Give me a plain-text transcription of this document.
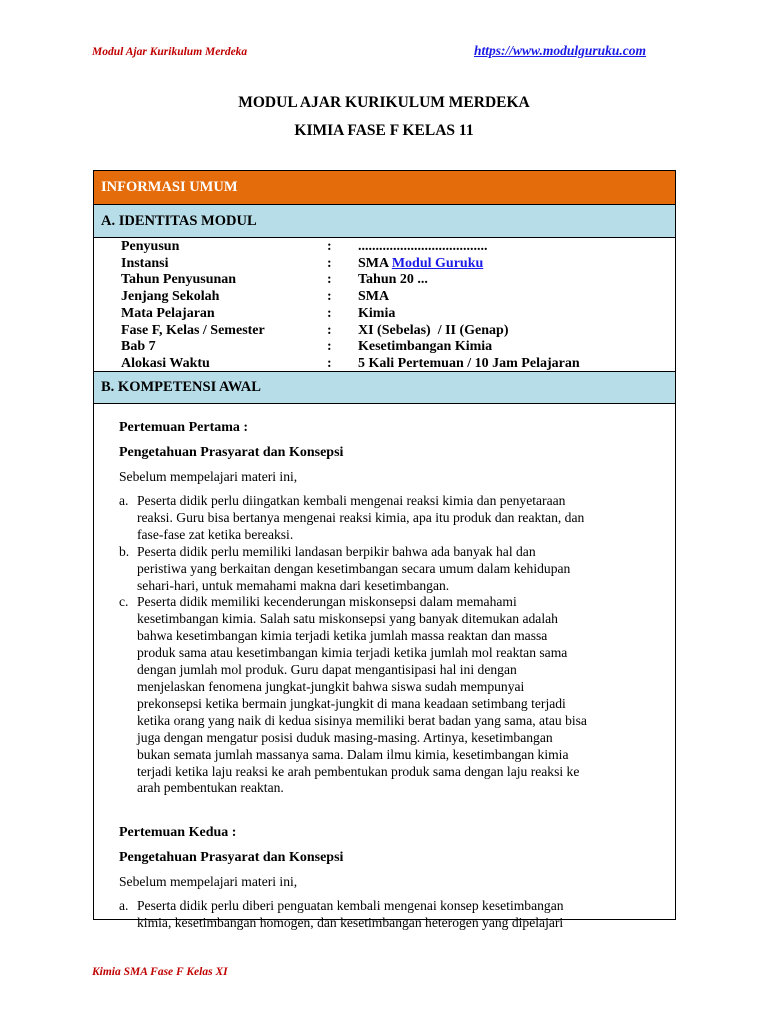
Modul Ajar Kurikulum Merdeka	https://www.modulguruku.com
MODUL AJAR KURIKULUM MERDEKA
KIMIA FASE F KELAS 11
INFORMASI UMUM
A. IDENTITAS MODUL
Penyusun	:	.....................................
Instansi	:	SMA Modul Guruku
Tahun Penyusunan	:	Tahun 20 ...
Jenjang Sekolah	:	SMA
Mata Pelajaran	:	Kimia
Fase F, Kelas / Semester	:	XI (Sebelas)  / II (Genap)
Bab 7	:	Kesetimbangan Kimia
Alokasi Waktu	:	5 Kali Pertemuan / 10 Jam Pelajaran
B. KOMPETENSI AWAL

Pertemuan Pertama :

Pengetahuan Prasyarat dan Konsepsi

Sebelum mempelajari materi ini,

a. Peserta didik perlu diingatkan kembali mengenai reaksi kimia dan penyetaraan
reaksi. Guru bisa bertanya mengenai reaksi kimia, apa itu produk dan reaktan, dan
fase-fase zat ketika bereaksi.
b. Peserta didik perlu memiliki landasan berpikir bahwa ada banyak hal dan
peristiwa yang berkaitan dengan kesetimbangan secara umum dalam kehidupan
sehari-hari, untuk memahami makna dari kesetimbangan.
c. Peserta didik memiliki kecenderungan miskonsepsi dalam memahami
kesetimbangan kimia. Salah satu miskonsepsi yang banyak ditemukan adalah
bahwa kesetimbangan kimia terjadi ketika jumlah massa reaktan dan massa
produk sama atau kesetimbangan kimia terjadi ketika jumlah mol reaktan sama
dengan jumlah mol produk. Guru dapat mengantisipasi hal ini dengan
menjelaskan fenomena jungkat-jungkit bahwa siswa sudah mempunyai
prekonsepsi ketika bermain jungkat-jungkit di mana keadaan setimbang terjadi
ketika orang yang naik di kedua sisinya memiliki berat badan yang sama, atau bisa
juga dengan mengatur posisi duduk masing-masing. Artinya, kesetimbangan
bukan semata jumlah massanya sama. Dalam ilmu kimia, kesetimbangan kimia
terjadi ketika laju reaksi ke arah pembentukan produk sama dengan laju reaksi ke
arah pembentukan reaktan.

Pertemuan Kedua :

Pengetahuan Prasyarat dan Konsepsi

Sebelum mempelajari materi ini,

a. Peserta didik perlu diberi penguatan kembali mengenai konsep kesetimbangan
kimia, kesetimbangan homogen, dan kesetimbangan heterogen yang dipelajari
Kimia SMA Fase F Kelas XI
